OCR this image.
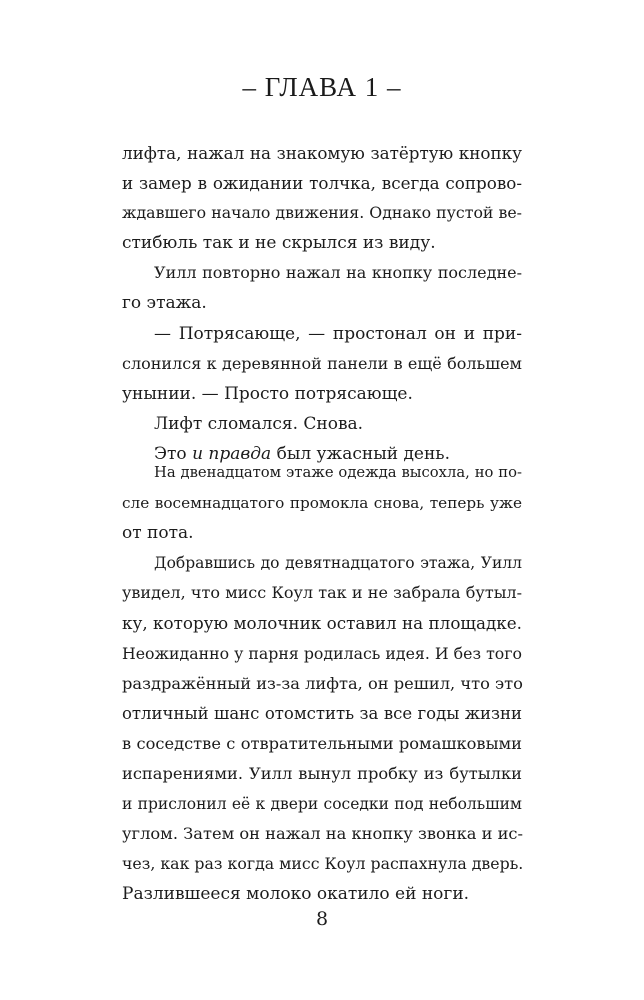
– ГЛАВА 1 –
лифта, нажал на знакомую затёртую кнопку
и замер в ожидании толчка, всегда сопрово-
ждавшего начало движения. Однако пустой ве-
стибюль так и не скрылся из виду.
Уилл повторно нажал на кнопку последне-
го этажа.
— Потрясающе, — простонал он и при-
слонился к деревянной панели в ещё большем
унынии. — Просто потрясающе.
Лифт сломался. Снова.
Это и правда был ужасный день.
На двенадцатом этаже одежда высохла, но по-
сле восемнадцатого промокла снова, теперь уже
от пота.
Добравшись до девятнадцатого этажа, Уилл
увидел, что мисс Коул так и не забрала бутыл-
ку, которую молочник оставил на площадке.
Неожиданно у парня родилась идея. И без того
раздражённый из-за лифта, он решил, что это
отличный шанс отомстить за все годы жизни
в соседстве с отвратительными ромашковыми
испарениями. Уилл вынул пробку из бутылки
и прислонил её к двери соседки под небольшим
углом. Затем он нажал на кнопку звонка и ис-
чез, как раз когда мисс Коул распахнула дверь.
Разлившееся молоко окатило ей ноги.
8
